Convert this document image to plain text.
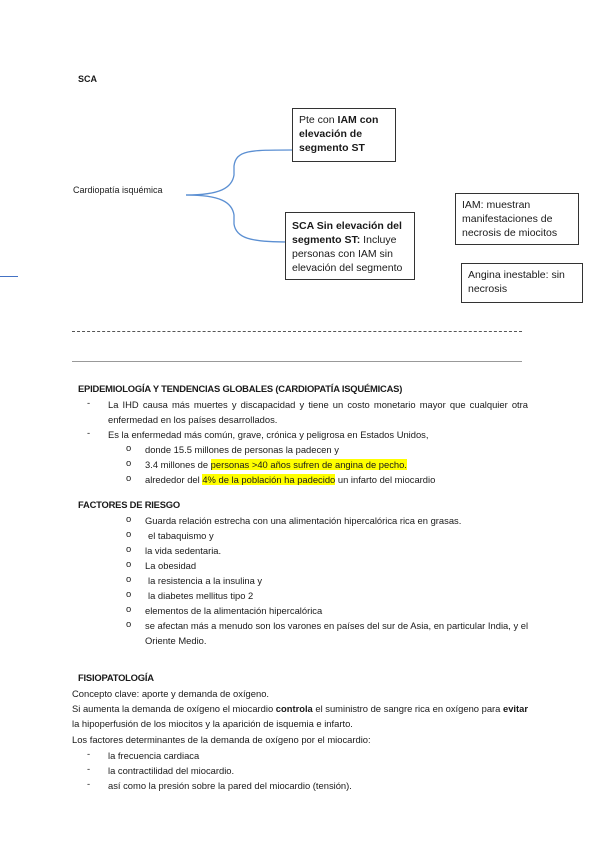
SCA
Cardiopatía isquémica
Pte con IAM con elevación de segmento ST
SCA Sin elevación del segmento ST: Incluye personas con IAM sin elevación del segmento
IAM: muestran manifestaciones de necrosis de miocitos
Angina inestable: sin necrosis
EPIDEMIOLOGÍA Y TENDENCIAS GLOBALES (CARDIOPATÍA ISQUÉMICAS)
- La IHD causa más muertes y discapacidad y tiene un costo monetario mayor que cualquier otra enfermedad en los países desarrollados.
- Es la enfermedad más común, grave, crónica y peligrosa en Estados Unidos,
o donde 15.5 millones de personas la padecen y
o 3.4 millones de personas >40 años sufren de angina de pecho.
o alrededor del 4% de la población ha padecido un infarto del miocardio
FACTORES DE RIESGO
o Guarda relación estrecha con una alimentación hipercalórica rica en grasas.
o el tabaquismo y
o la vida sedentaria.
o La obesidad
o la resistencia a la insulina y
o la diabetes mellitus tipo 2
o elementos de la alimentación hipercalórica
o se afectan más a menudo son los varones en países del sur de Asia, en particular India, y el Oriente Medio.
FISIOPATOLOGÍA
Concepto clave: aporte y demanda de oxígeno.
Si aumenta la demanda de oxígeno el miocardio controla el suministro de sangre rica en oxígeno para evitar la hipoperfusión de los miocitos y la aparición de isquemia e infarto.
Los factores determinantes de la demanda de oxígeno por el miocardio:
- la frecuencia cardiaca
- la contractilidad del miocardio.
- así como la presión sobre la pared del miocardio (tensión).
